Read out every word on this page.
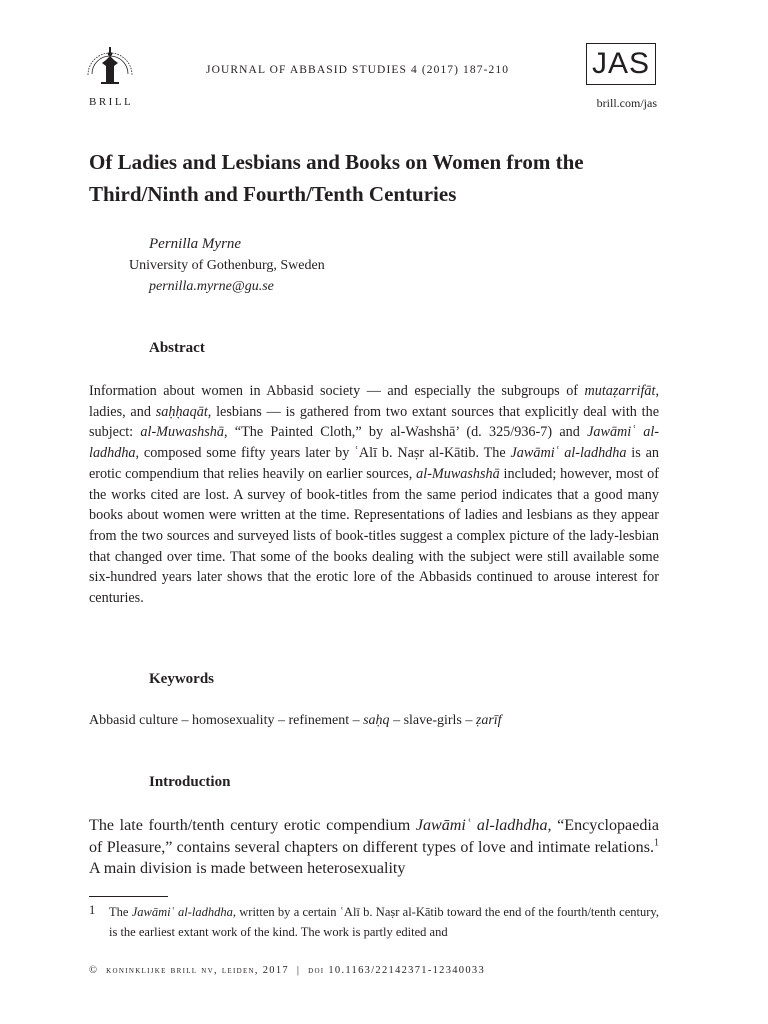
BRILL
JOURNAL OF ABBASID STUDIES 4 (2017) 187-210	JAS
brill.com/jas
Of Ladies and Lesbians and Books on Women from the Third/Ninth and Fourth/Tenth Centuries
Pernilla Myrne
University of Gothenburg, Sweden
pernilla.myrne@gu.se
Abstract

Information about women in Abbasid society — and especially the subgroups of mutaẓarrifāt, ladies, and saḥḥaqāt, lesbians — is gathered from two extant sources that explicitly deal with the subject: al-Muwashshā, “The Painted Cloth,” by al-Washshā’ (d. 325/936-7) and Jawāmiʿ al-ladhdha, composed some fifty years later by ʿAlī b. Naṣr al-Kātib. The Jawāmiʿ al-ladhdha is an erotic compendium that relies heavily on earlier sources, al-Muwashshā included; however, most of the works cited are lost. A survey of book-titles from the same period indicates that a good many books about women were written at the time. Representations of ladies and lesbians as they appear from the two sources and surveyed lists of book-titles suggest a complex picture of the lady-lesbian that changed over time. That some of the books dealing with the subject were still available some six-hundred years later shows that the erotic lore of the Abbasids continued to arouse interest for centuries.

Keywords
Abbasid culture – homosexuality – refinement – saḥq – slave-girls – ẓarīf
Introduction

The late fourth/tenth century erotic compendium Jawāmiʿ al-ladhdha, “Encyclopaedia of Pleasure,” contains several chapters on different types of love and intimate relations.$^1$ A main division is made between heterosexuality

1 The Jawāmiʿ al-ladhdha, written by a certain ʿAlī b. Naṣr al-Kātib toward the end of the fourth/tenth century, is the earliest extant work of the kind. The work is partly edited and

© koninklijke brill nv, leiden, 2017 | doi 10.1163/22142371-12340033
